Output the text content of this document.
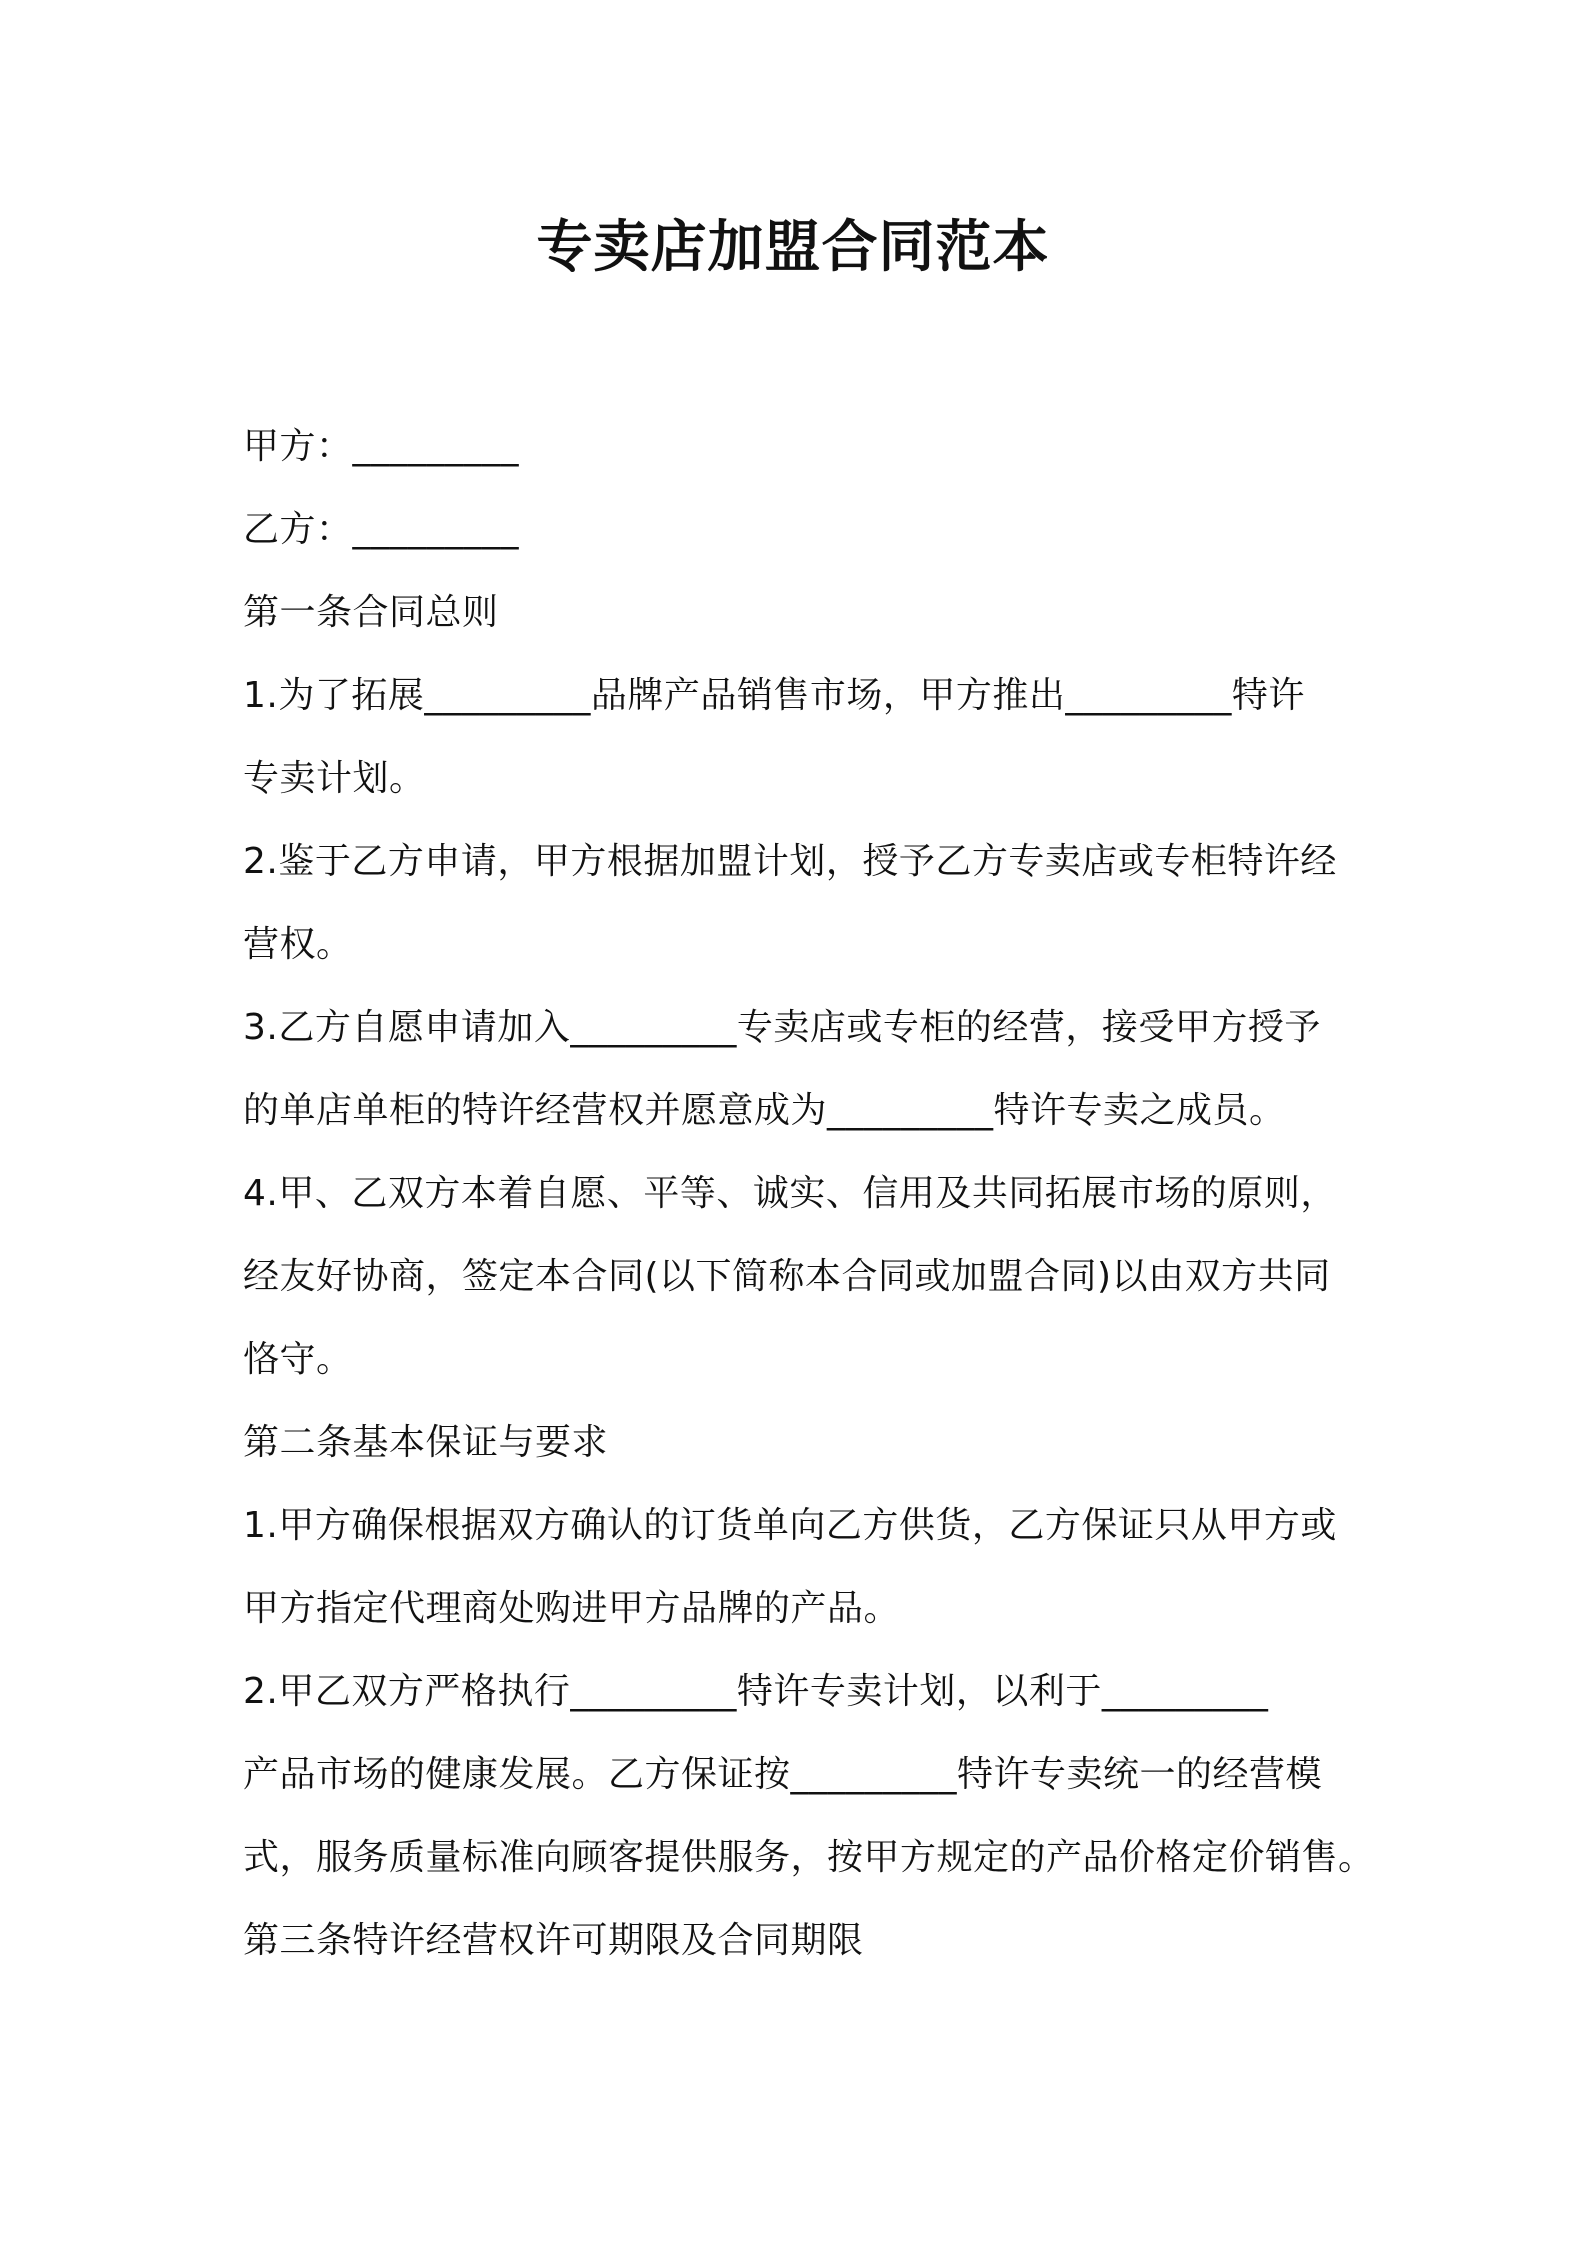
专卖店加盟合同范本
甲方：_________
乙方：_________
第一条合同总则
1.为了拓展_________品牌产品销售市场，甲方推出_________特许
专卖计划。
2.鉴于乙方申请，甲方根据加盟计划，授予乙方专卖店或专柜特许经
营权。
3.乙方自愿申请加入_________专卖店或专柜的经营，接受甲方授予
的单店单柜的特许经营权并愿意成为_________特许专卖之成员。
4.甲、乙双方本着自愿、平等、诚实、信用及共同拓展市场的原则，
经友好协商，签定本合同(以下简称本合同或加盟合同)以由双方共同
恪守。
第二条基本保证与要求
1.甲方确保根据双方确认的订货单向乙方供货，乙方保证只从甲方或
甲方指定代理商处购进甲方品牌的产品。
2.甲乙双方严格执行_________特许专卖计划，以利于_________
产品市场的健康发展。乙方保证按_________特许专卖统一的经营模
式，服务质量标准向顾客提供服务，按甲方规定的产品价格定价销售。
第三条特许经营权许可期限及合同期限
